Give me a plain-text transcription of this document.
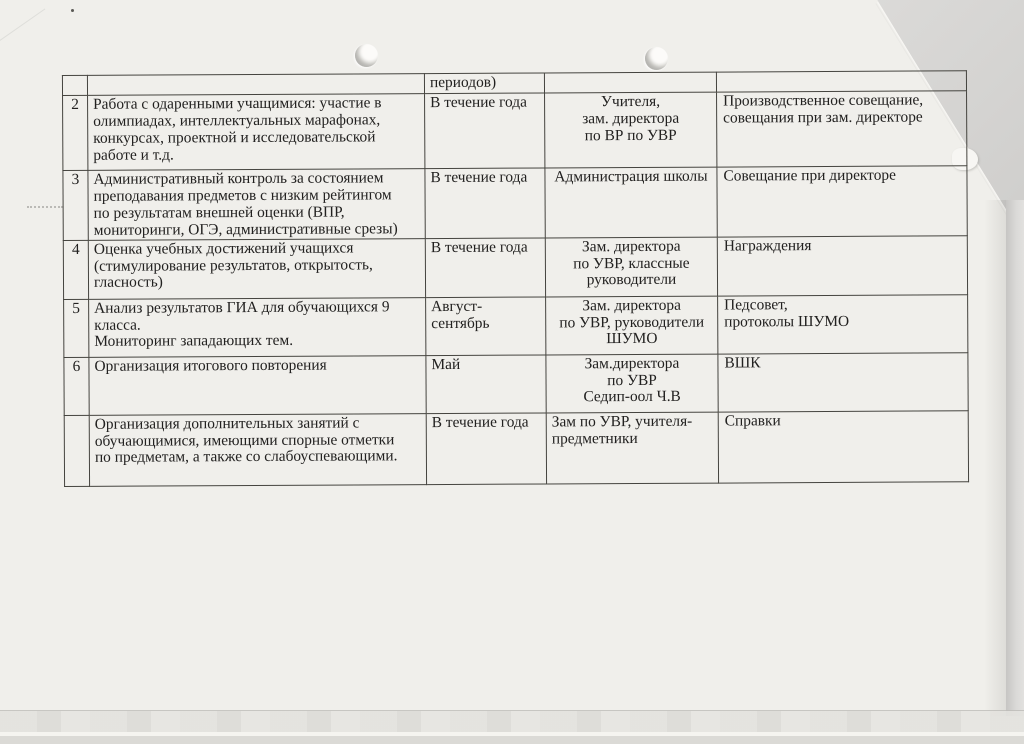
		периодов)		
2	Работа с одаренными учащимися: участие в
олимпиадах, интеллектуальных марафонах,
конкурсах, проектной и исследовательской
работе и т.д.	В течение года	Учителя,
зам. директора
по ВР по УВР	Производственное совещание,
совещания при зам. директоре
3	Административный контроль за состоянием
преподавания предметов с низким рейтингом
по результатам внешней оценки (ВПР,
мониторинги, ОГЭ, административные срезы)	В течение года	Администрация школы	Совещание при директоре
4	Оценка учебных достижений учащихся
(стимулирование результатов, открытость,
гласность)	В течение года	Зам. директора
по УВР, классные
руководители	Награждения
5	Анализ результатов ГИА для обучающихся 9
класса.
Мониторинг западающих тем.	Август-
сентябрь	Зам. директора
по УВР, руководители
ШУМО	Педсовет,
протоколы ШУМО
6	Организация итогового повторения	Май	Зам.директора
по УВР
Седип-оол Ч.В	ВШК
	Организация дополнительных занятий с
обучающимися, имеющими спорные отметки
по предметам, а также со слабоуспевающими.	В течение года	Зам по УВР, учителя-
предметники	Справки
